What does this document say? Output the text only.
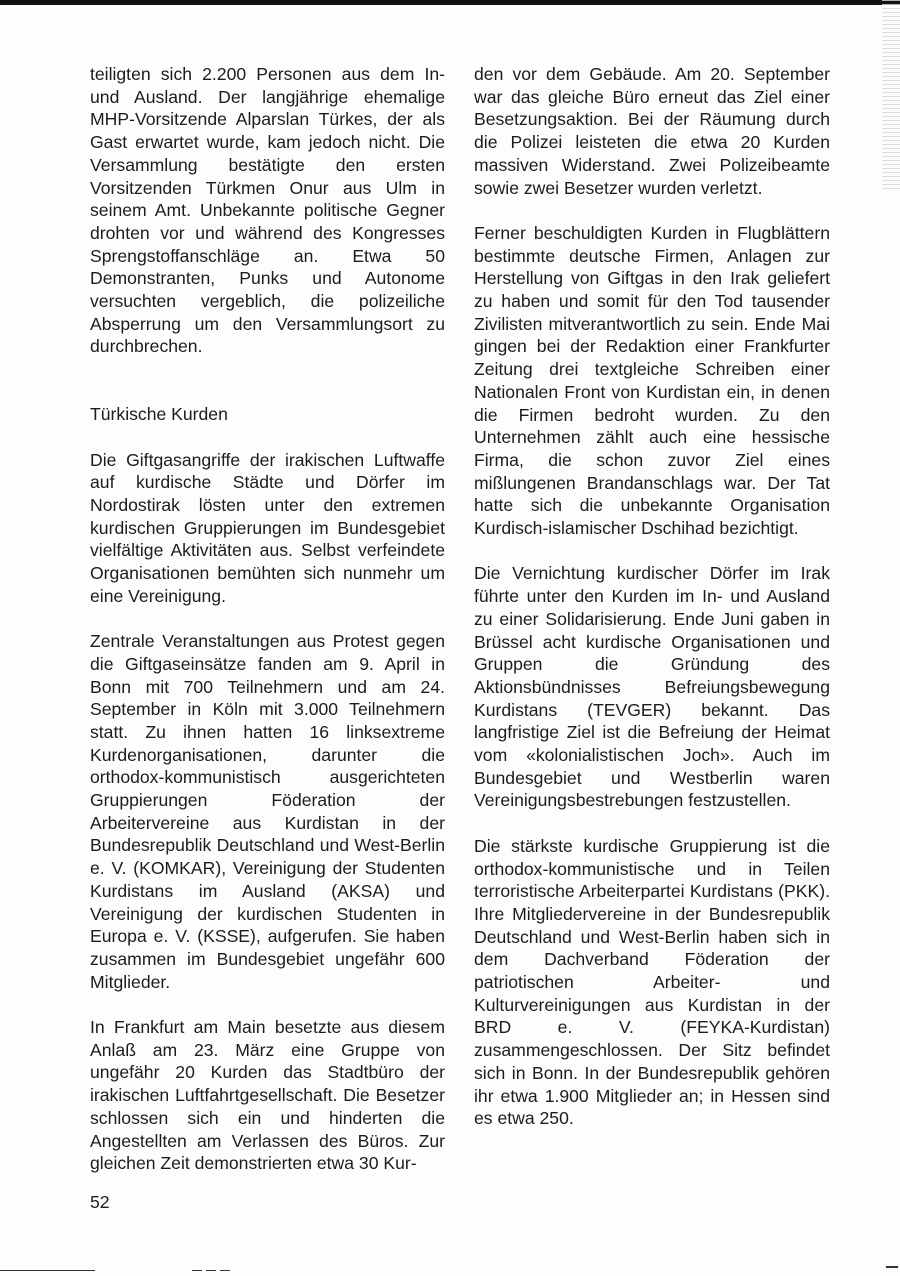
teiligten sich 2.200 Personen aus dem In- und Ausland. Der langjährige ehemalige MHP-Vorsitzende Alparslan Türkes, der als Gast erwartet wurde, kam jedoch nicht. Die Versammlung bestätigte den ersten Vorsitzenden Türkmen Onur aus Ulm in seinem Amt. Unbekannte politische Gegner drohten vor und während des Kongresses Sprengstoffanschläge an. Etwa 50 Demonstranten, Punks und Autonome versuchten vergeblich, die polizeiliche Absperrung um den Versammlungsort zu durchbrechen.

Türkische Kurden

Die Giftgasangriffe der irakischen Luftwaffe auf kurdische Städte und Dörfer im Nordostirak lösten unter den extremen kurdischen Gruppierungen im Bundesgebiet vielfältige Aktivitäten aus. Selbst verfeindete Organisationen bemühten sich nunmehr um eine Vereinigung.

Zentrale Veranstaltungen aus Protest gegen die Giftgaseinsätze fanden am 9. April in Bonn mit 700 Teilnehmern und am 24. September in Köln mit 3.000 Teilnehmern statt. Zu ihnen hatten 16 linksextreme Kurdenorganisationen, darunter die orthodox-kommunistisch ausgerichteten Gruppierungen Föderation der Arbeitervereine aus Kurdistan in der Bundesrepublik Deutschland und West-Berlin e. V. (KOMKAR), Vereinigung der Studenten Kurdistans im Ausland (AKSA) und Vereinigung der kurdischen Studenten in Europa e. V. (KSSE), aufgerufen. Sie haben zusammen im Bundesgebiet ungefähr 600 Mitglieder.

In Frankfurt am Main besetzte aus diesem Anlaß am 23. März eine Gruppe von ungefähr 20 Kurden das Stadtbüro der irakischen Luftfahrtgesellschaft. Die Besetzer schlossen sich ein und hinderten die Angestellten am Verlassen des Büros. Zur gleichen Zeit demonstrierten etwa 30 Kur-

den vor dem Gebäude. Am 20. September war das gleiche Büro erneut das Ziel einer Besetzungsaktion. Bei der Räumung durch die Polizei leisteten die etwa 20 Kurden massiven Widerstand. Zwei Polizeibeamte sowie zwei Besetzer wurden verletzt.

Ferner beschuldigten Kurden in Flugblättern bestimmte deutsche Firmen, Anlagen zur Herstellung von Giftgas in den Irak geliefert zu haben und somit für den Tod tausender Zivilisten mitverantwortlich zu sein. Ende Mai gingen bei der Redaktion einer Frankfurter Zeitung drei textgleiche Schreiben einer Nationalen Front von Kurdistan ein, in denen die Firmen bedroht wurden. Zu den Unternehmen zählt auch eine hessische Firma, die schon zuvor Ziel eines mißlungenen Brandanschlags war. Der Tat hatte sich die unbekannte Organisation Kurdisch-islamischer Dschihad bezichtigt.

Die Vernichtung kurdischer Dörfer im Irak führte unter den Kurden im In- und Ausland zu einer Solidarisierung. Ende Juni gaben in Brüssel acht kurdische Organisationen und Gruppen die Gründung des Aktionsbündnisses Befreiungsbewegung Kurdistans (TEVGER) bekannt. Das langfristige Ziel ist die Befreiung der Heimat vom «kolonialistischen Joch». Auch im Bundesgebiet und Westberlin waren Vereinigungsbestrebungen festzustellen.

Die stärkste kurdische Gruppierung ist die orthodox-kommunistische und in Teilen terroristische Arbeiterpartei Kurdistans (PKK). Ihre Mitgliedervereine in der Bundesrepublik Deutschland und West-Berlin haben sich in dem Dachverband Föderation der patriotischen Arbeiter- und Kulturvereinigungen aus Kurdistan in der BRD e. V. (FEYKA-Kurdistan) zusammengeschlossen. Der Sitz befindet sich in Bonn. In der Bundesrepublik gehören ihr etwa 1.900 Mitglieder an; in Hessen sind es etwa 250.

52
